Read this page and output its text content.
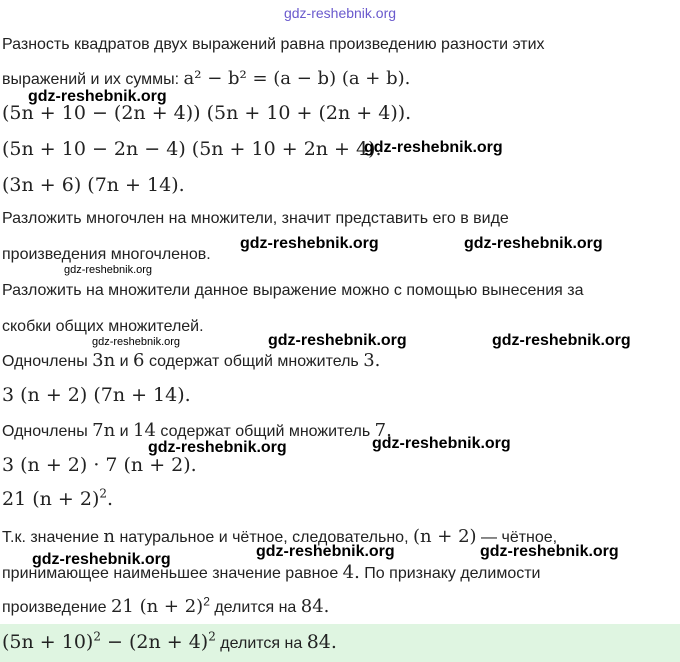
gdz-reshebnik.org
Разность квадратов двух выражений равна произведению разности этих
выражений и их суммы: a² − b² = (a − b) (a + b).
(5n + 10 − (2n + 4)) (5n + 10 + (2n + 4)).
(5n + 10 − 2n − 4) (5n + 10 + 2n + 4).
(3n + 6) (7n + 14).
Разложить многочлен на множители, значит представить его в виде
произведения многочленов.
Разложить на множители данное выражение можно с помощью вынесения за
скобки общих множителей.
Одночлены 3n и 6 содержат общий множитель 3.
3 (n + 2) (7n + 14).
Одночлены 7n и 14 содержат общий множитель 7.
3 (n + 2) · 7 (n + 2).
21 $(n + 2)^2$.
Т.к. значение n натуральное и чётное, следовательно, (n + 2) — чётное,
принимающее наименьшее значение равное 4. По признаку делимости
произведение 21 $(n + 2)^2$ делится на 84.
$(5n + 10)^2 - (2n + 4)^2$ делится на 84.
gdz-reshebnik.org
gdz-reshebnik.org
gdz-reshebnik.org	gdz-reshebnik.org
gdz-reshebnik.org
gdz-reshebnik.org	gdz-reshebnik.org
gdz-reshebnik.org
gdz-reshebnik.org	gdz-reshebnik.org
gdz-reshebnik.org	gdz-reshebnik.org	gdz-reshebnik.org
